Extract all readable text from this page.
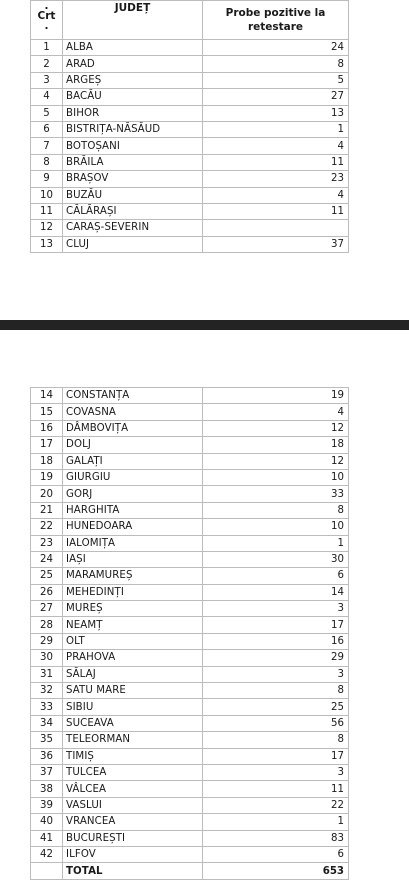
.
Crt
.	JUDEȚ	Probe pozitive la retestare
1	ALBA	24
2	ARAD	8
3	ARGEȘ	5
4	BACĂU	27
5	BIHOR	13
6	BISTRIȚA-NĂSĂUD	1
7	BOTOȘANI	4
8	BRĂILA	11
9	BRAȘOV	23
10	BUZĂU	4
11	CĂLĂRAȘI	11
12	CARAȘ-SEVERIN	
13	CLUJ	37
14	CONSTANȚA	19
15	COVASNA	4
16	DÂMBOVIȚA	12
17	DOLJ	18
18	GALAȚI	12
19	GIURGIU	10
20	GORJ	33
21	HARGHITA	8
22	HUNEDOARA	10
23	IALOMIȚA	1
24	IAȘI	30
25	MARAMUREȘ	6
26	MEHEDINȚI	14
27	MUREȘ	3
28	NEAMȚ	17
29	OLT	16
30	PRAHOVA	29
31	SĂLAJ	3
32	SATU MARE	8
33	SIBIU	25
34	SUCEAVA	56
35	TELEORMAN	8
36	TIMIȘ	17
37	TULCEA	3
38	VÂLCEA	11
39	VASLUI	22
40	VRANCEA	1
41	BUCUREȘTI	83
42	ILFOV	6
	TOTAL	653
